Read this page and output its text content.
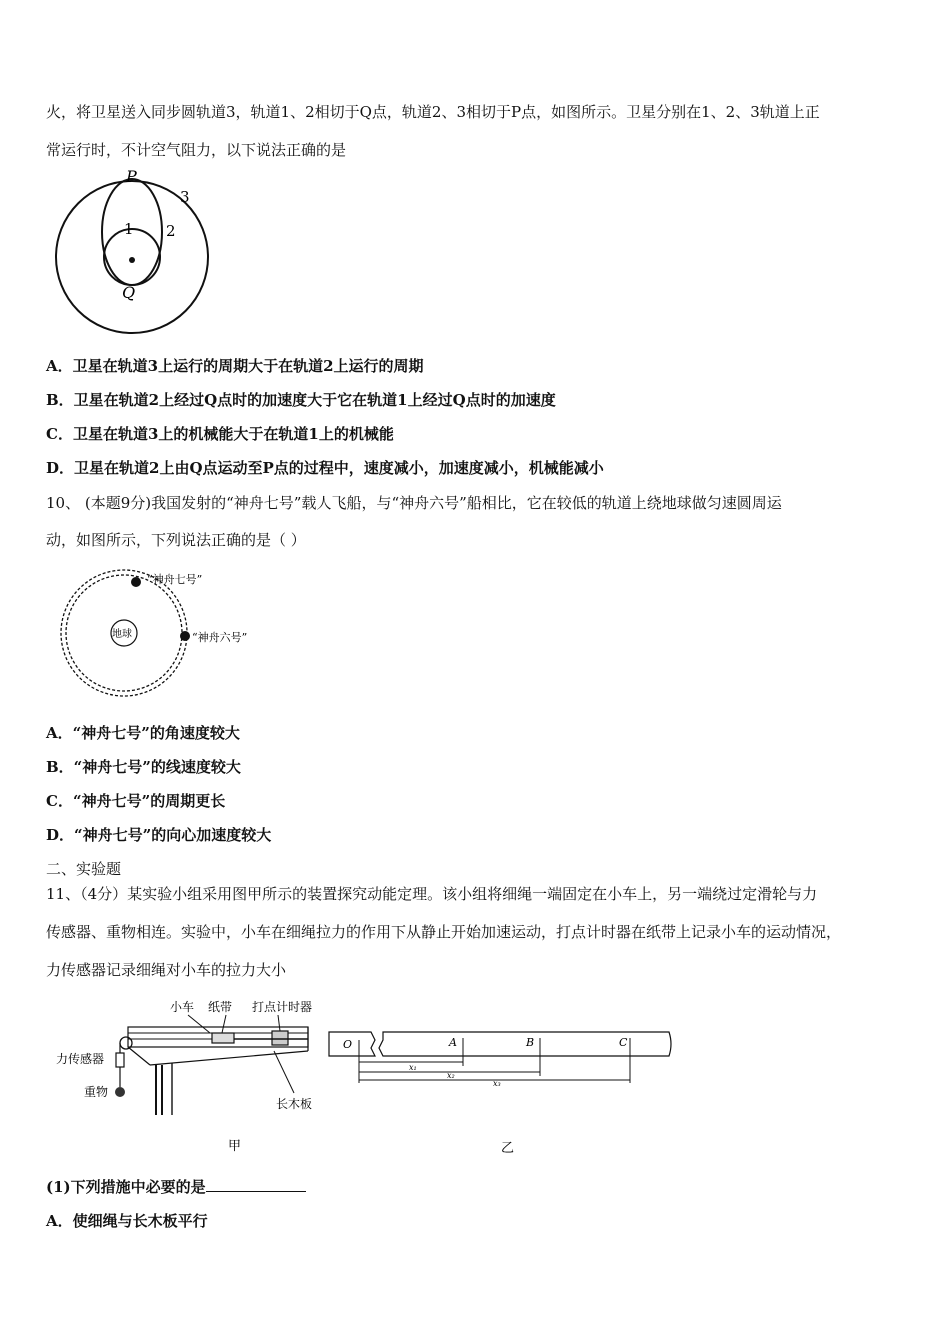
火，将卫星送入同步圆轨道3，轨道1、2相切于Q点，轨道2、3相切于P点，如图所示。卫星分别在1、2、3轨道上正
常运行时，不计空气阻力，以下说法正确的是
P
Q
1 2
3
A．卫星在轨道3上运行的周期大于在轨道2上运行的周期
B．卫星在轨道2上经过Q点时的加速度大于它在轨道1上经过Q点时的加速度
C．卫星在轨道3上的机械能大于在轨道1上的机械能
D．卫星在轨道2上由Q点运动至P点的过程中，速度减小，加速度减小，机械能减小
10、 (本题9分)我国发射的“神舟七号”载人飞船，与“神舟六号”船相比，它在较低的轨道上绕地球做匀速圆周运
动，如图所示，下列说法正确的是（ ）
地球
“神舟七号”
“神舟六号”
A．“神舟七号”的角速度较大
B．“神舟七号”的线速度较大
C．“神舟七号”的周期更长
D．“神舟七号”的向心加速度较大
二、实验题
11、（4分）某实验小组采用图甲所示的装置探究动能定理。该小组将细绳一端固定在小车上，另一端绕过定滑轮与力
传感器、重物相连。实验中，小车在细绳拉力的作用下从静止开始加速运动，打点计时器在纸带上记录小车的运动情况，
力传感器记录细绳对小车的拉力大小
小车 纸带 打点计时器
力传感器
重物
长木板
甲
O	A	B	C
x₁
x₂
x₃
乙
(1)下列措施中必要的是
A．使细绳与长木板平行
